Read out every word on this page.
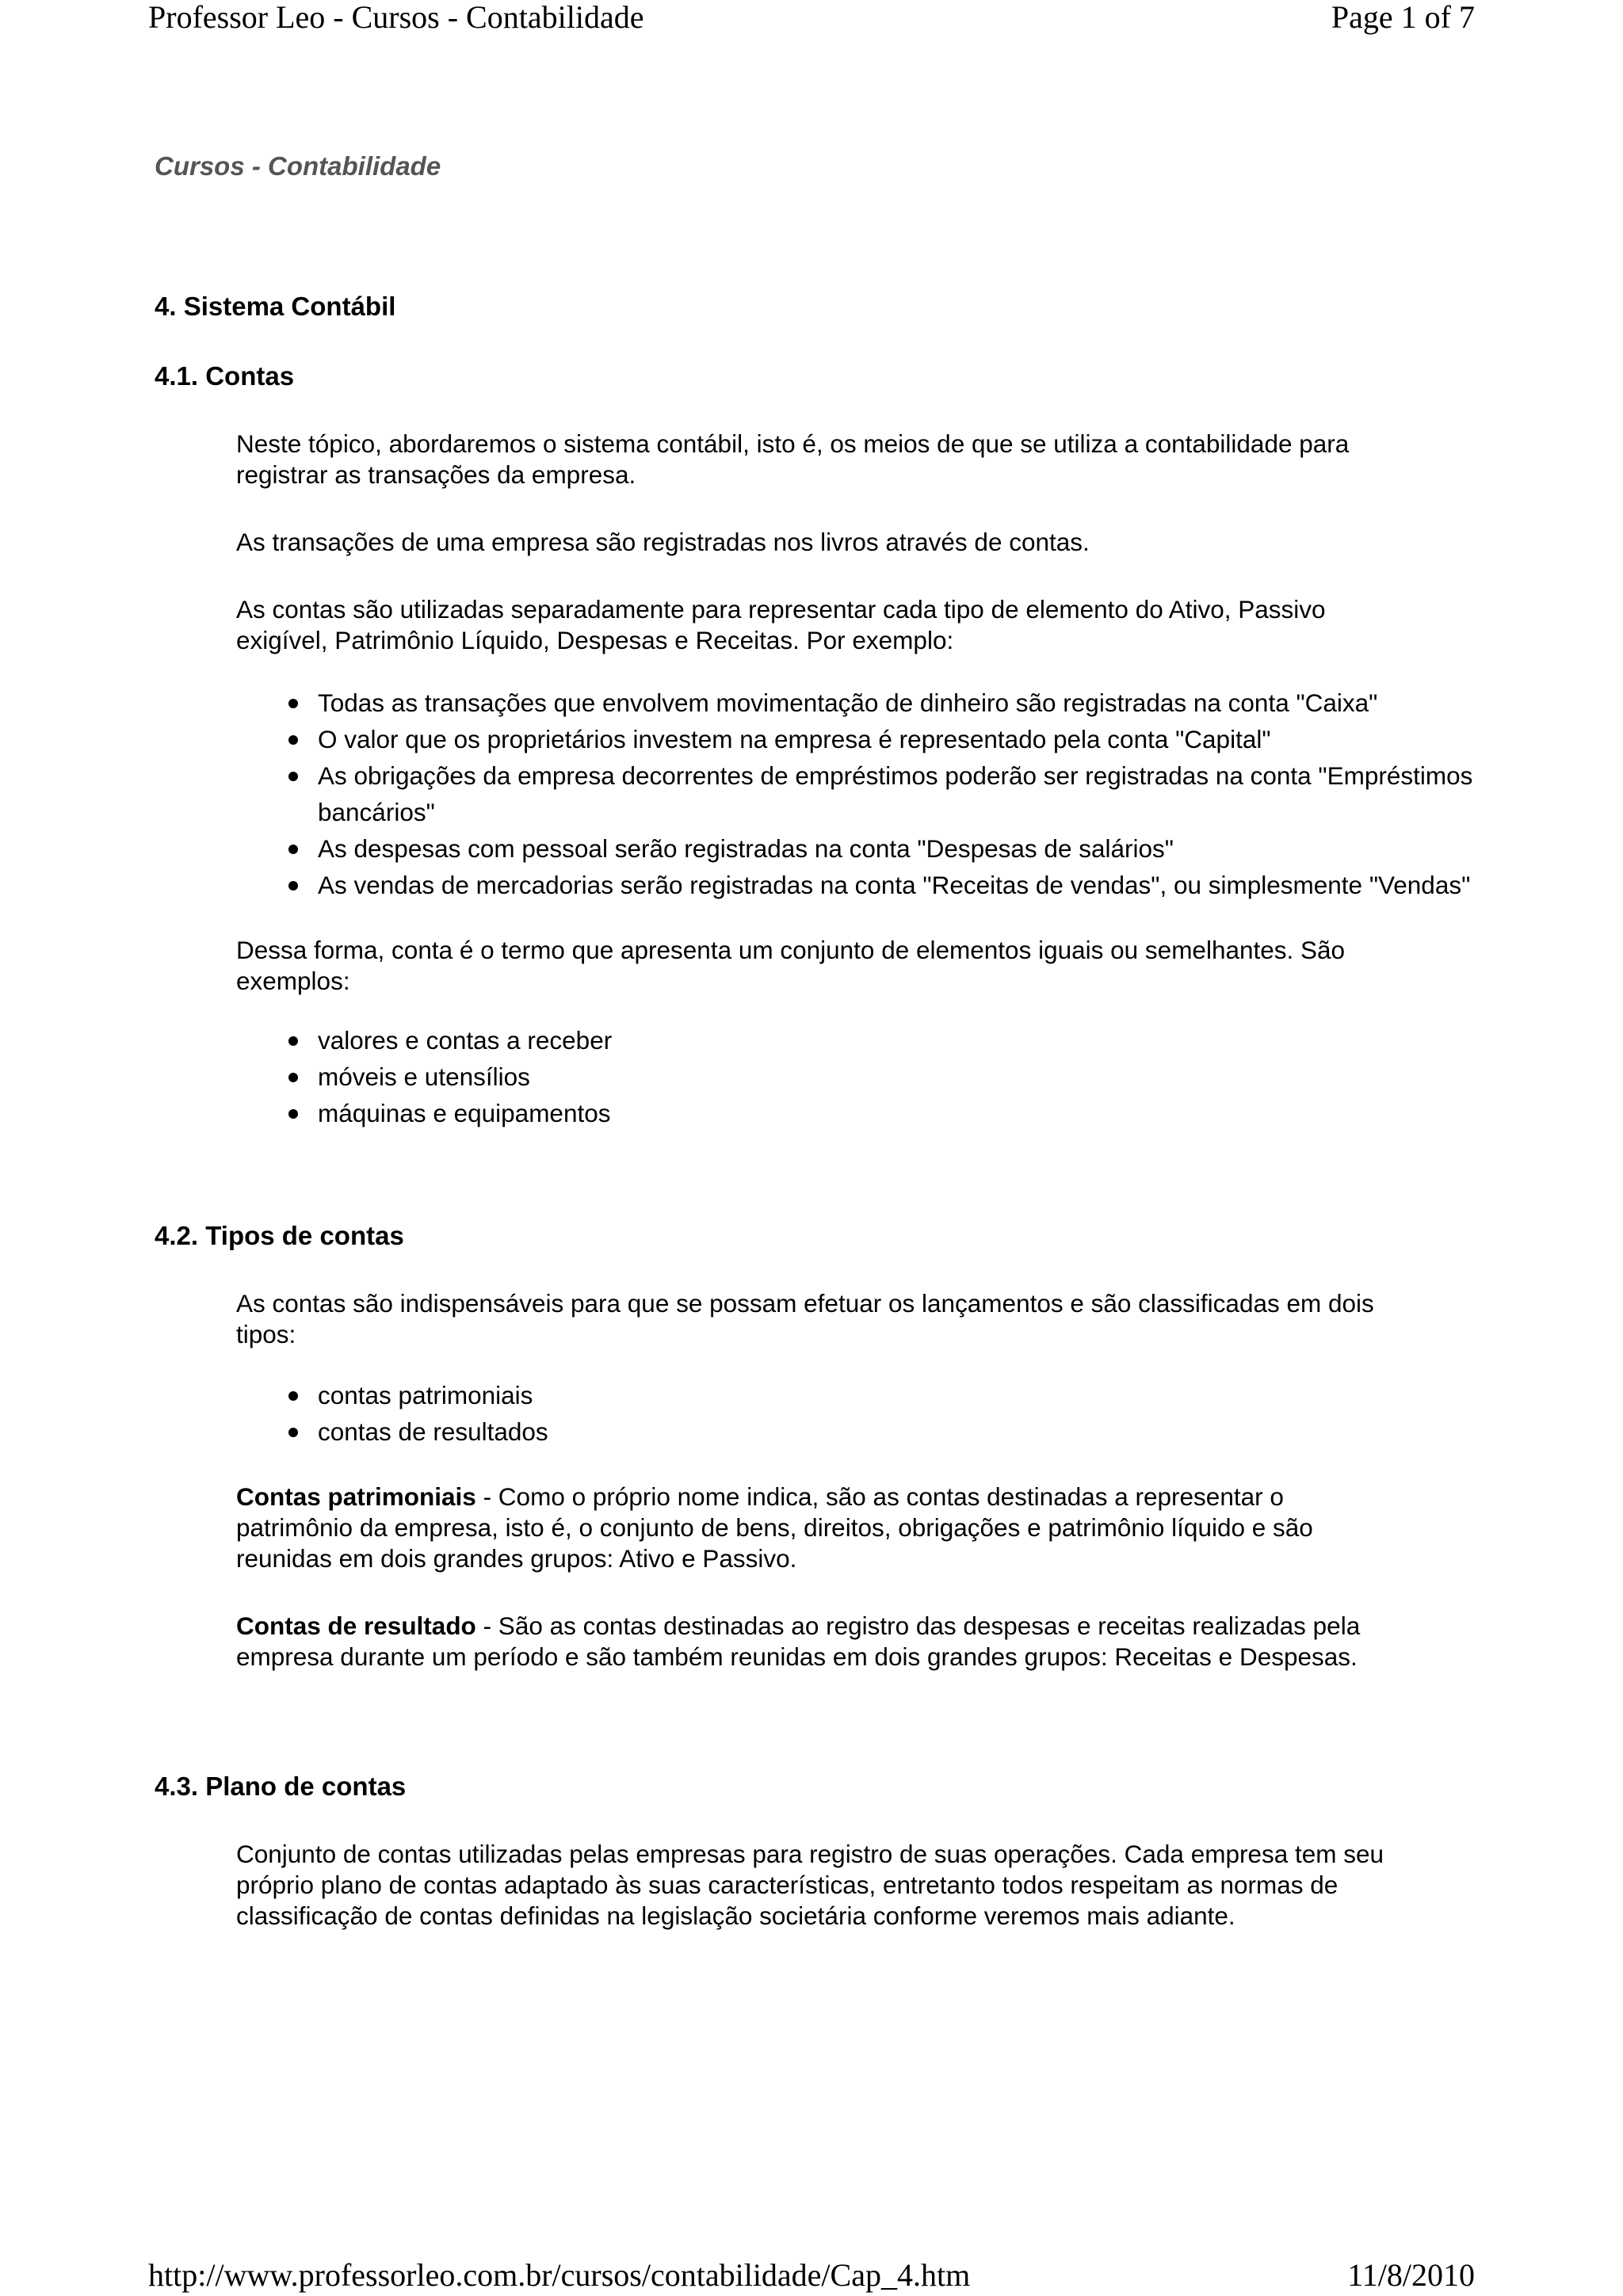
Professor Leo - Cursos - Contabilidade	Page 1 of 7

Cursos - Contabilidade

4. Sistema Contábil
4.1. Contas

Neste tópico, abordaremos o sistema contábil, isto é, os meios de que se utiliza a contabilidade para registrar as transações da empresa.

As transações de uma empresa são registradas nos livros através de contas.

As contas são utilizadas separadamente para representar cada tipo de elemento do Ativo, Passivo exigível, Patrimônio Líquido, Despesas e Receitas. Por exemplo:

Todas as transações que envolvem movimentação de dinheiro são registradas na conta "Caixa"
O valor que os proprietários investem na empresa é representado pela conta "Capital"
As obrigações da empresa decorrentes de empréstimos poderão ser registradas na conta "Empréstimos bancários"
As despesas com pessoal serão registradas na conta "Despesas de salários"
As vendas de mercadorias serão registradas na conta "Receitas de vendas", ou simplesmente "Vendas"

Dessa forma, conta é o termo que apresenta um conjunto de elementos iguais ou semelhantes. São exemplos:

valores e contas a receber
móveis e utensílios
máquinas e equipamentos
4.2. Tipos de contas

As contas são indispensáveis para que se possam efetuar os lançamentos e são classificadas em dois tipos:

contas patrimoniais
contas de resultados

Contas patrimoniais - Como o próprio nome indica, são as contas destinadas a representar o patrimônio da empresa, isto é, o conjunto de bens, direitos, obrigações e patrimônio líquido e são reunidas em dois grandes grupos: Ativo e Passivo.

Contas de resultado - São as contas destinadas ao registro das despesas e receitas realizadas pela empresa durante um período e são também reunidas em dois grandes grupos: Receitas e Despesas.

4.3. Plano de contas

Conjunto de contas utilizadas pelas empresas para registro de suas operações. Cada empresa tem seu próprio plano de contas adaptado às suas características, entretanto todos respeitam as normas de classificação de contas definidas na legislação societária conforme veremos mais adiante.

http://www.professorleo.com.br/cursos/contabilidade/Cap_4.htm	11/8/2010
